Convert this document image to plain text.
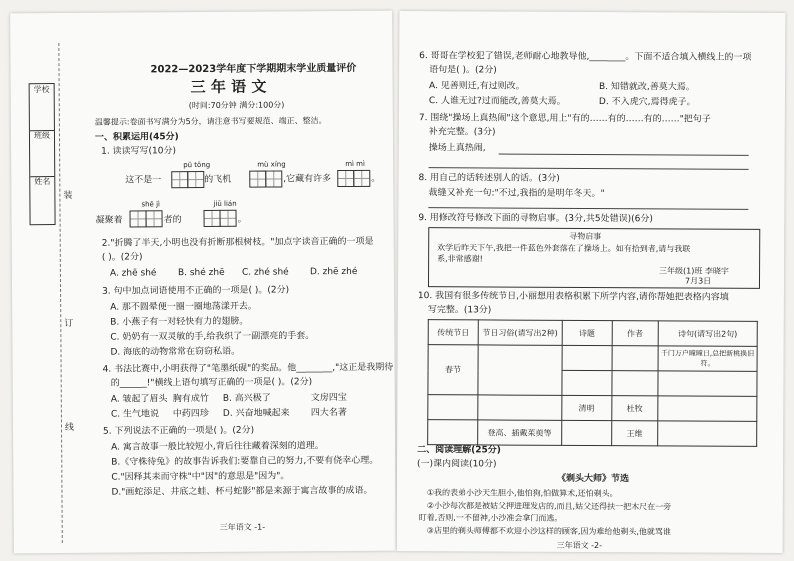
学校
班级
姓名
装
订
线
2022—2023学年度下学期期末学业质量评价
三 年 语 文
(时间:70分钟 满分:100分)
温馨提示:卷面书写满分为5分，请注意书写要规范、端正、整洁。
一、积累运用(45分)
1. 读读写写(10分)
pū tōng	mù xíng	mì mì
这不是一	的飞机	,它藏有许多	。
shē jì	jiū lián
凝聚着	者的	。
2."折腾了半天,小明也没有折断那根树枝。"加点字读音正确的一项是
( )。(2分)
A. zhē shé B. shé zhē C. zhé shé D. zhē zhé
3. 句中加点词语使用不正确的一项是( )。(2分)
A. 那不圆晕便一圈一圈地荡漾开去。
B. 小燕子有一对轻快有力的翅膀。
C. 奶奶有一双灵敏的手,给我织了一副漂亮的手套。
D. 海底的动物常常在窃窃私语。
4. 书法比赛中,小明获得了"笔墨纸砚"的奖品。他________,"这正是我期待
的______!"横线上语句填写正确的一项是( )。(2分)
A. 皱起了眉头 胸有成竹 B. 高兴极了	文房四宝
C. 生气地说 中药四珍 D. 兴奋地喊起来 四大名著
5. 下列说法不正确的一项是( )。(2分)
A. 寓言故事一般比较短小,背后往往藏着深刻的道理。
B.《守株待兔》的故事告诉我们:要靠自己的努力,不要有侥幸心理。
C."因释其耒而守株"中"因"的意思是"因为"。
D."画蛇添足、井底之蛙、杯弓蛇影"都是来源于寓言故事的成语。
三年语文 -1-
6. 哥哥在学校犯了错误,老师耐心地教导他,________。下面不适合填入横线上的一项
语句是( )。(2分)
A. 见善则迁,有过则改。	B. 知错就改,善莫大焉。
C. 人谁无过?过而能改,善莫大焉。	D. 不入虎穴,焉得虎子。
7. 围绕"操场上真热闹"这个意思,用上"有的……有的……有的……"把句子
补充完整。(3分)
操场上真热闹,
8. 用自己的话转述别人的话。(3分)
裁缝又补充一句:"不过,我指的是明年冬天。"
9. 用修改符号修改下面的寻物启事。(3分,共5处错误)(6分)
寻物启事
欢学后昨天下午,我把一件蓝色外套落在了操场上。如有拾到者,请与我联
系,非常感谢!
三年级(1)班 李晓宇
7月3日
10. 我国有很多传统节日,小丽想用表格积累下所学内容,请你帮她把表格内容填
写完整。(13分)
传统节日	节日习俗(请写出2种)	诗题	作者	诗句(请写出2句)
春节				千门万户曈曈日,总把新桃换旧符。

		清明	杜牧	
	登高、插戴茱萸等		王维	
二、阅读理解(25分)
(一)课内阅读(10分)
《剃头大师》节选
①我的表弟小沙天生胆小,他怕狗,怕做算术,还怕剃头。
②小沙每次都是被姑父押进理发店的,而且,姑父还得扶一把木尺在一旁
盯着,否则,一不留神,小沙准会拿门而逃。
③店里的剃头师傅都不欢迎小沙这样的顾客,因为难给他剃头,他就骂谁
三年语文 -2-
